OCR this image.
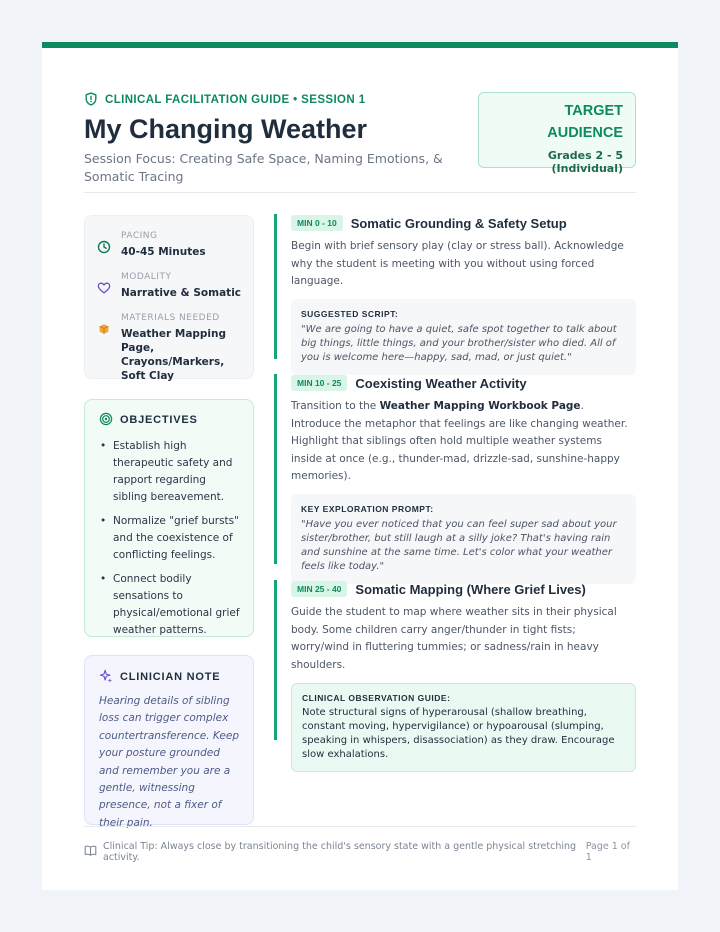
CLINICAL FACILITATION GUIDE • SESSION 1
My Changing Weather
Session Focus: Creating Safe Space, Naming Emotions, & Somatic Tracing
TARGET AUDIENCE
Grades 2 - 5 (Individual)
PACING
40-45 Minutes
MODALITY
Narrative & Somatic
MATERIALS NEEDED
Weather Mapping Page, Crayons/Markers, Soft Clay
OBJECTIVES
• Establish high therapeutic safety and rapport regarding sibling bereavement.
• Normalize "grief bursts" and the coexistence of conflicting feelings.
• Connect bodily sensations to physical/emotional grief weather patterns.
CLINICIAN NOTE
Hearing details of sibling loss can trigger complex countertransference. Keep your posture grounded and remember you are a gentle, witnessing presence, not a fixer of their pain.
MIN 0 - 10	Somatic Grounding & Safety Setup
Begin with brief sensory play (clay or stress ball). Acknowledge why the student is meeting with you without using forced language.
SUGGESTED SCRIPT:
"We are going to have a quiet, safe spot together to talk about big things, little things, and your brother/sister who died. All of you is welcome here—happy, sad, mad, or just quiet."
MIN 10 - 25	Coexisting Weather Activity
Transition to the Weather Mapping Workbook Page. Introduce the metaphor that feelings are like changing weather. Highlight that siblings often hold multiple weather systems inside at once (e.g., thunder-mad, drizzle-sad, sunshine-happy memories).
KEY EXPLORATION PROMPT:
"Have you ever noticed that you can feel super sad about your sister/brother, but still laugh at a silly joke? That's having rain and sunshine at the same time. Let's color what your weather feels like today."
MIN 25 - 40	Somatic Mapping (Where Grief Lives)
Guide the student to map where weather sits in their physical body. Some children carry anger/thunder in tight fists; worry/wind in fluttering tummies; or sadness/rain in heavy shoulders.
CLINICAL OBSERVATION GUIDE:
Note structural signs of hyperarousal (shallow breathing, constant moving, hypervigilance) or hypoarousal (slumping, speaking in whispers, disassociation) as they draw. Encourage slow exhalations.
Clinical Tip: Always close by transitioning the child's sensory state with a gentle physical stretching activity.
Page 1 of 1
